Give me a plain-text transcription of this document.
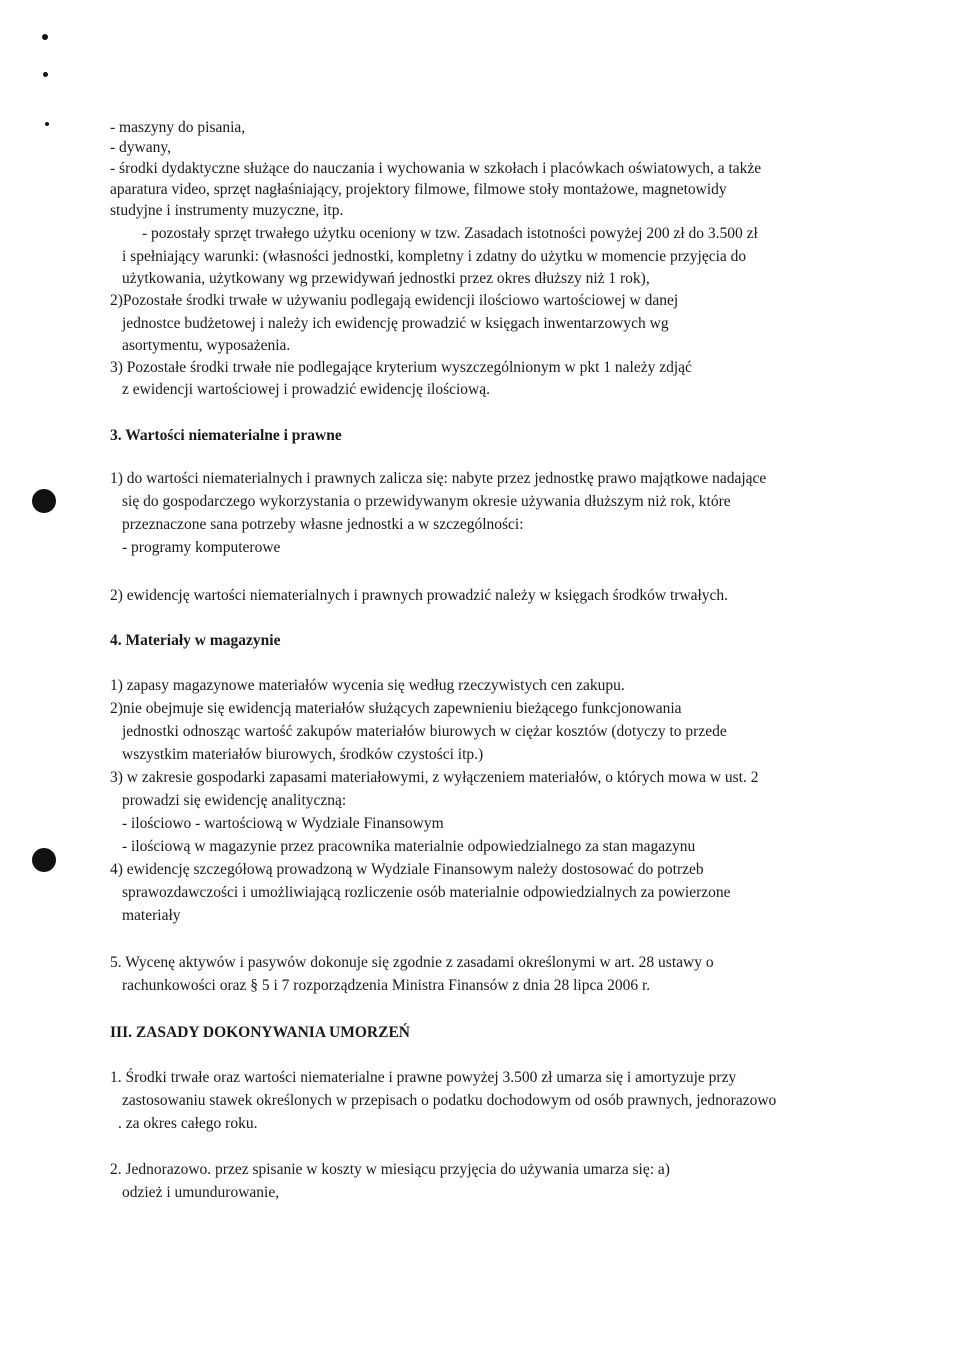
- maszyny do pisania,
- dywany,
- środki dydaktyczne służące do nauczania i wychowania w szkołach i placówkach oświatowych, a także
aparatura video, sprzęt nagłaśniający, projektory filmowe, filmowe stoły montażowe, magnetowidy
studyjne i instrumenty muzyczne, itp.
- pozostały sprzęt trwałego użytku oceniony w tzw. Zasadach istotności powyżej 200 zł do 3.500 zł
i spełniający warunki: (własności jednostki, kompletny i zdatny do użytku w momencie przyjęcia do
użytkowania, użytkowany wg przewidywań jednostki przez okres dłuższy niż 1 rok),
2)Pozostałe środki trwałe w używaniu podlegają ewidencji ilościowo wartościowej w danej
jednostce budżetowej i należy ich ewidencję prowadzić w księgach inwentarzowych wg
asortymentu, wyposażenia.
3) Pozostałe środki trwałe nie podlegające kryterium wyszczególnionym w pkt 1 należy zdjąć
z ewidencji wartościowej i prowadzić ewidencję ilościową.
3. Wartości niematerialne i prawne
1) do wartości niematerialnych i prawnych zalicza się: nabyte przez jednostkę prawo majątkowe nadające
się do gospodarczego wykorzystania o przewidywanym okresie używania dłuższym niż rok, które
przeznaczone sana potrzeby własne jednostki a w szczególności:
- programy komputerowe
2) ewidencję wartości niematerialnych i prawnych prowadzić należy w księgach środków trwałych.
4. Materiały w magazynie
1) zapasy magazynowe materiałów wycenia się według rzeczywistych cen zakupu.
2)nie obejmuje się ewidencją materiałów służących zapewnieniu bieżącego funkcjonowania
jednostki odnosząc wartość zakupów materiałów biurowych w ciężar kosztów (dotyczy to przede
wszystkim materiałów biurowych, środków czystości itp.)
3) w zakresie gospodarki zapasami materiałowymi, z wyłączeniem materiałów, o których mowa w ust. 2
prowadzi się ewidencję analityczną:
- ilościowo - wartościową w Wydziale Finansowym
- ilościową w magazynie przez pracownika materialnie odpowiedzialnego za stan magazynu
4) ewidencję szczegółową prowadzoną w Wydziale Finansowym należy dostosować do potrzeb
sprawozdawczości i umożliwiającą rozliczenie osób materialnie odpowiedzialnych za powierzone
materiały
5. Wycenę aktywów i pasywów dokonuje się zgodnie z zasadami określonymi w art. 28 ustawy o
rachunkowości oraz § 5 i 7 rozporządzenia Ministra Finansów z dnia 28 lipca 2006 r.
III. ZASADY DOKONYWANIA UMORZEŃ
1. Środki trwałe oraz wartości niematerialne i prawne powyżej 3.500 zł umarza się i amortyzuje przy
zastosowaniu stawek określonych w przepisach o podatku dochodowym od osób prawnych, jednorazowo
. za okres całego roku.
2. Jednorazowo. przez spisanie w koszty w miesiącu przyjęcia do używania umarza się: a)
odzież i umundurowanie,
